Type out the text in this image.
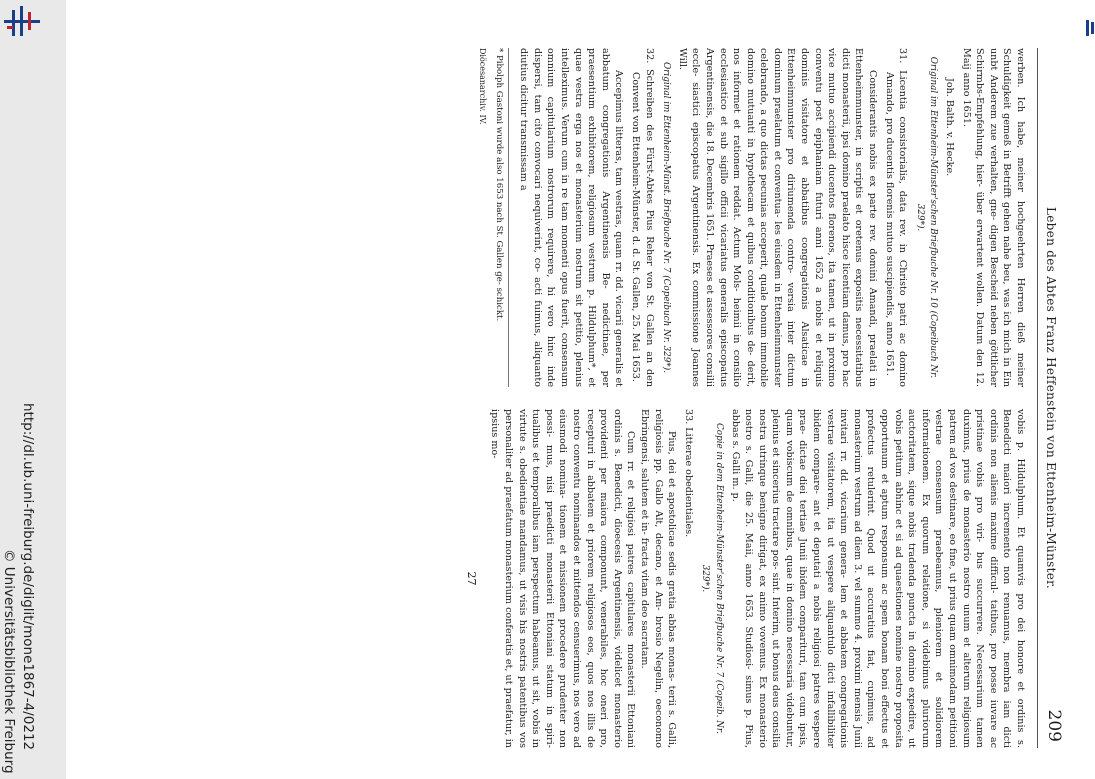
http://dl.ub.uni-freiburg.de/diglit/mone1867-4/0212
© Universitätsbibliothek Freiburg
Leben des Abtes Franz Heffenstein von Ettenheim-Münster.
209

werben. Ich habe, meiner hochgeehrten Herren dieß meiner Schuldigkeit gemeß in Betrifft gehen nahe beu, was ich mich in Ein unbt Anderem zue verhalten, gne- digen Bescheid neben göttlicher Schirmbs-Empfehlung, hier- über erwartent wollen. Datum den 12. Maij anno 1651.

Joh. Balth. v. Hecke.

Original im Ettenheim-Münster'schen Briefbuche Nr. 10 (Copeibuch Nr. 329*).

31. Licentia consistorialis, data rev. in Christo patri ac domino Amando, pro ducentis florenis mutuo suscipiendis, anno 1651.

Considerantis nobis ex parte rev. domini Amandi, praelati in Ettenheimmunster, in scriptis et oretenus expositis necessitatibus dicti monasterii, ipsi domino praelato hisce licentiam damus, pro hac vice mutuo accipiendi ducentos florenos, ita tamen, ut in proximo conventu post epiphaniam futuri anni 1652 a nobis et reliquis dominis visitatore et abbatibus congregationis Alsaticae in Ettenheimmunster pro diriumenda contro- versia inter dictum dominum praelatum et conventua- les eiusdem in Ettenheimmunster celebrando, a quo dictas pecunias acceperit, quale bonum immobile domino mutuanti in hypothecam et quibus conditionibus de- derit, nos informet et rationem reddat. Actum Mols- heimii in consilio ecclesiastico et sub sigillo officii vicariatus generalis episcopatus Argentinensis, die 18. Decembris 1651. Praeses et assessores consilii eccle- siastici episcopatus Argentinensis. Ex commissione Joannes Will.

Original im Ettenheim-Münst. Briefbuche Nr. 7 (Copeibuch Nr. 329*).

32. Schreiben des Fürst-Abtes Pius Reher von St. Gallen an den Convent von Ettenheim-Münster, d. d. St. Gallen, 25. Mai 1653.

Accepimus litteras, tam vestras, quam rr. dd. vicarii generalis et abbatum congregationis Argentinensis Be- nedictinae, per praesentium exhibitorem, religiosum vestrum p. Hildulphum*, et quae vestra erga nos et monasterium nostrum sit petitio, plenius intelleximus. Verum cum in re tam momenti opus fuerit, consensum omnium capitularium nostrorum requirere, hi vero hinc inde dispersi, tam cito convocari nequiverint, co- acti fuimus, aliquanto diutius dicitur transmissam a

* Pibolph Gastoni wurde also 1653 nach St. Gallen ge- schickt.
Diöcesanarchiv. IV.

vobis p. Hildulphum. Et quamvis pro dei honore et ordinis s. Benedicti maiori incremento non renuamus, membra iam dicti ordinis non alienis maxime difficul- tatibus, pro posse iuvare ac pristinae vobis pro viri- bus succurrere. Necessarium tamen duximus, prius de monasterio nostro unum et alterum religiosum patrem ad vos destinare, eo fine, ut prius quam omnimodam petitioni vestrae consensum praebeamus, pleniorem et solidiorem informationem. Ex quorum relatione, si videbimus pluriorum auctoritatem, sique nobis tradenda puncta in domino expedire, ut vobis petitum abhinc et si ad quaestiones nomine nostro proposita opportunum et aptum responsum ac spem bonam boni effectus et profectus retulerint. Quod ut accuratius fiat, cupimus, ad monasterium vestrum ad diem 3. vel summo 4. proximi mensis Junii invitari rr. dd. vicarium genera- lem et abbatem congregationis vestrae visitatorem, ita ut vespere aliquantulo dicti infallibiliter ibidem compare- ant et deputati a nobis religiosi patres vespere prae- dictae diei tertiae Junii ibidem comparituri, tam cum ipsis, quam vobiscum de omnibus, quae in domino necessaria videbuntur, plenius et sincerius tractare pos- sint. Interim, ut bonus deus consilia nostra utrinque benigne dirigat, ex animo vovemus. Ex monasterio nostro s. Galli, die 25. Maii, anno 1653. Studiosi- simus p. Pius, abbas s. Galli m. p.

Copie in dem Ettenheim-Münster'schen Briefbuche Nr. 7 (Copeib. Nr. 329*).

33. Litterae obedientiales.

Pius, dei et apostolicae sedis gratia abbas monas- terii s. Galli, religiosis pp. Gallo Alt, decano, et Am- brosio Negelin, oeconomo Ebringensi, salutem et in- fracta vitam deo sacratam.

Cum rr. et religiosi patres capitulares monasterii Ettoniani ordinis s. Benedicti, dioecesis Argentinensis, videlicet monasterio providenti per maiora componunt, venerabiles, hoc oneri pro, recepturi in abbatem et priorem religiosos eos, quos nos illis de nostro conventu nominandos et mittendos censuerimus, nos vero ad eiusmodi nomina- tionem et missionem procedere prudenter non possi- mus, nisi praedicti monasterii Ettoniani statum in spiri- tualibus et temporalibus iam perspectum habeamus, ut sit, vobis in virtute s. obedientiae mandamus, ut visis his nostris patentibus vos personaliter ad praefatum monasterium conferatis et, ut praefatur, in ipsius mo-

27
